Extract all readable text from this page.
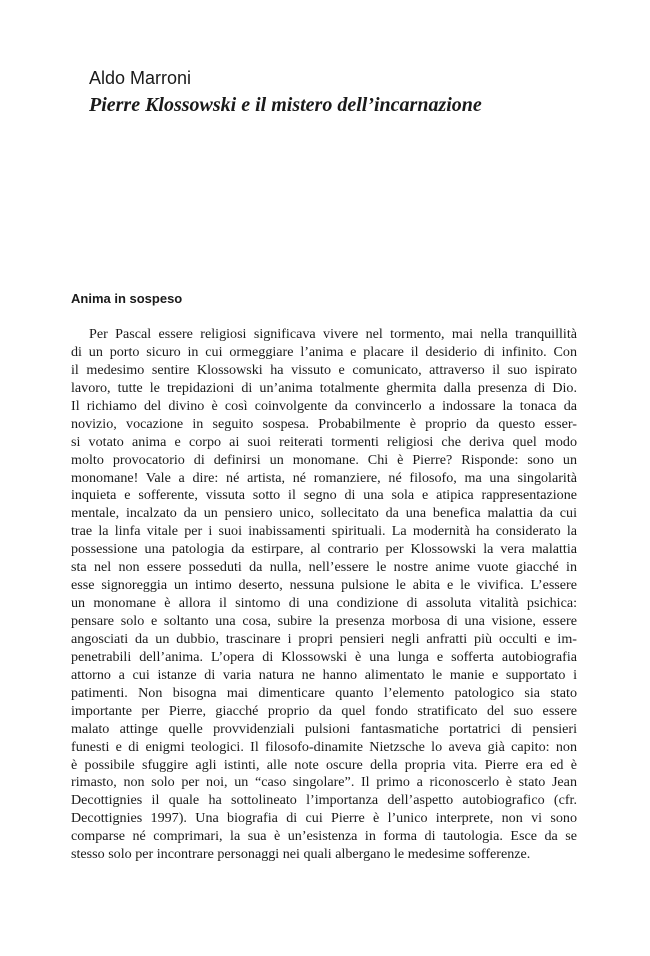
Aldo Marroni
Pierre Klossowski e il mistero dell’incarnazione
Anima in sospeso
Per Pascal essere religiosi significava vivere nel tormento, mai nella tranquillità
di un porto sicuro in cui ormeggiare l’anima e placare il desiderio di infinito. Con
il medesimo sentire Klossowski ha vissuto e comunicato, attraverso il suo ispirato
lavoro, tutte le trepidazioni di un’anima totalmente ghermita dalla presenza di Dio.
Il richiamo del divino è così coinvolgente da convincerlo a indossare la tonaca da
novizio, vocazione in seguito sospesa. Probabilmente è proprio da questo esser-
si votato anima e corpo ai suoi reiterati tormenti religiosi che deriva quel modo
molto provocatorio di definirsi un monomane. Chi è Pierre? Risponde: sono un
monomane! Vale a dire: né artista, né romanziere, né filosofo, ma una singolarità
inquieta e sofferente, vissuta sotto il segno di una sola e atipica rappresentazione
mentale, incalzato da un pensiero unico, sollecitato da una benefica malattia da cui
trae la linfa vitale per i suoi inabissamenti spirituali. La modernità ha considerato la
possessione una patologia da estirpare, al contrario per Klossowski la vera malattia
sta nel non essere posseduti da nulla, nell’essere le nostre anime vuote giacché in
esse signoreggia un intimo deserto, nessuna pulsione le abita e le vivifica. L’essere
un monomane è allora il sintomo di una condizione di assoluta vitalità psichica:
pensare solo e soltanto una cosa, subire la presenza morbosa di una visione, essere
angosciati da un dubbio, trascinare i propri pensieri negli anfratti più occulti e im-
penetrabili dell’anima. L’opera di Klossowski è una lunga e sofferta autobiografia
attorno a cui istanze di varia natura ne hanno alimentato le manie e supportato i
patimenti. Non bisogna mai dimenticare quanto l’elemento patologico sia stato
importante per Pierre, giacché proprio da quel fondo stratificato del suo essere
malato attinge quelle provvidenziali pulsioni fantasmatiche portatrici di pensieri
funesti e di enigmi teologici. Il filosofo-dinamite Nietzsche lo aveva già capito: non
è possibile sfuggire agli istinti, alle note oscure della propria vita. Pierre era ed è
rimasto, non solo per noi, un “caso singolare”. Il primo a riconoscerlo è stato Jean
Decottignies il quale ha sottolineato l’importanza dell’aspetto autobiografico (cfr.
Decottignies 1997). Una biografia di cui Pierre è l’unico interprete, non vi sono
comparse né comprimari, la sua è un’esistenza in forma di tautologia. Esce da se
stesso solo per incontrare personaggi nei quali albergano le medesime sofferenze.
